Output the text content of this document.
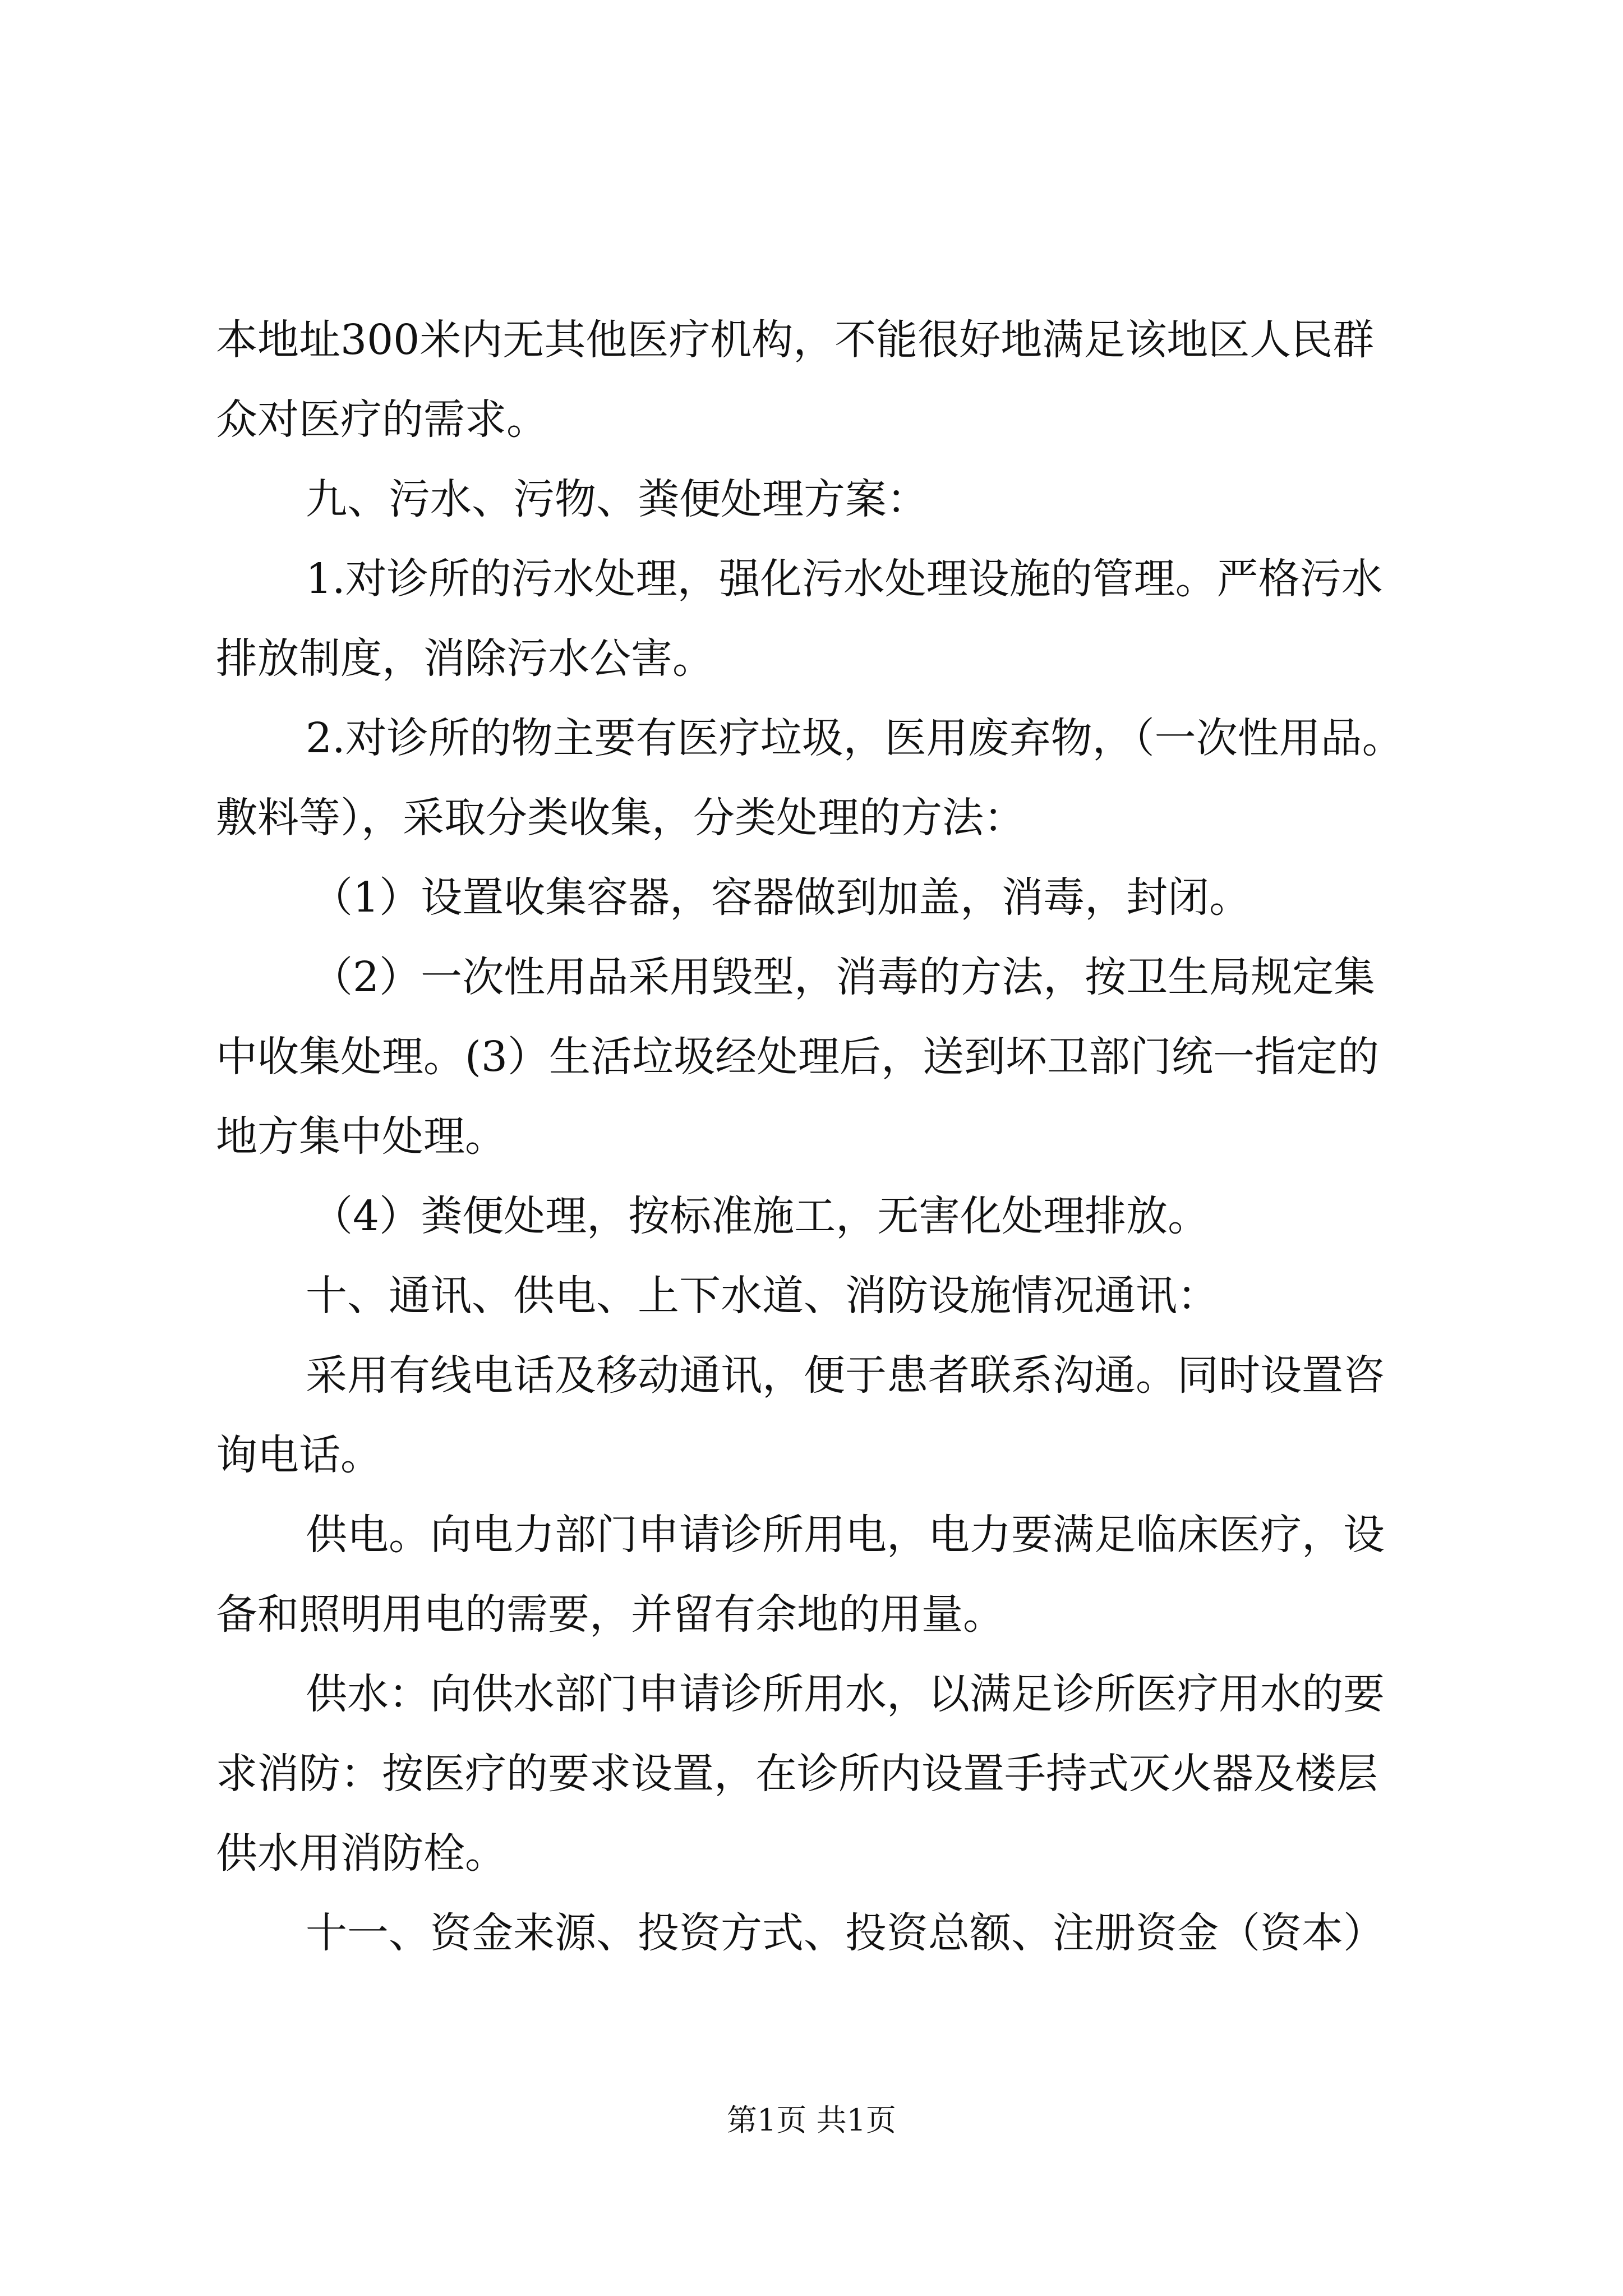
本地址300米内无其他医疗机构，不能很好地满足该地区人民群
众对医疗的需求。
九、污水、污物、粪便处理方案：
1.对诊所的污水处理，强化污水处理设施的管理。严格污水
排放制度，消除污水公害。
2.对诊所的物主要有医疗垃圾，医用废弃物，（一次性用品。
敷料等），采取分类收集，分类处理的方法：
（1）设置收集容器，容器做到加盖，消毒，封闭。
（2）一次性用品采用毁型，消毒的方法，按卫生局规定集
中收集处理。(3）生活垃圾经处理后，送到坏卫部门统一指定的
地方集中处理。
（4）粪便处理，按标准施工，无害化处理排放。
十、通讯、供电、上下水道、消防设施情况通讯：
采用有线电话及移动通讯，便于患者联系沟通。同时设置咨
询电话。
供电。向电力部门申请诊所用电，电力要满足临床医疗，设
备和照明用电的需要，并留有余地的用量。
供水：向供水部门申请诊所用水，以满足诊所医疗用水的要
求消防：按医疗的要求设置，在诊所内设置手持式灭火器及楼层
供水用消防栓。
十一、资金来源、投资方式、投资总额、注册资金（资本）
第1页 共1页
